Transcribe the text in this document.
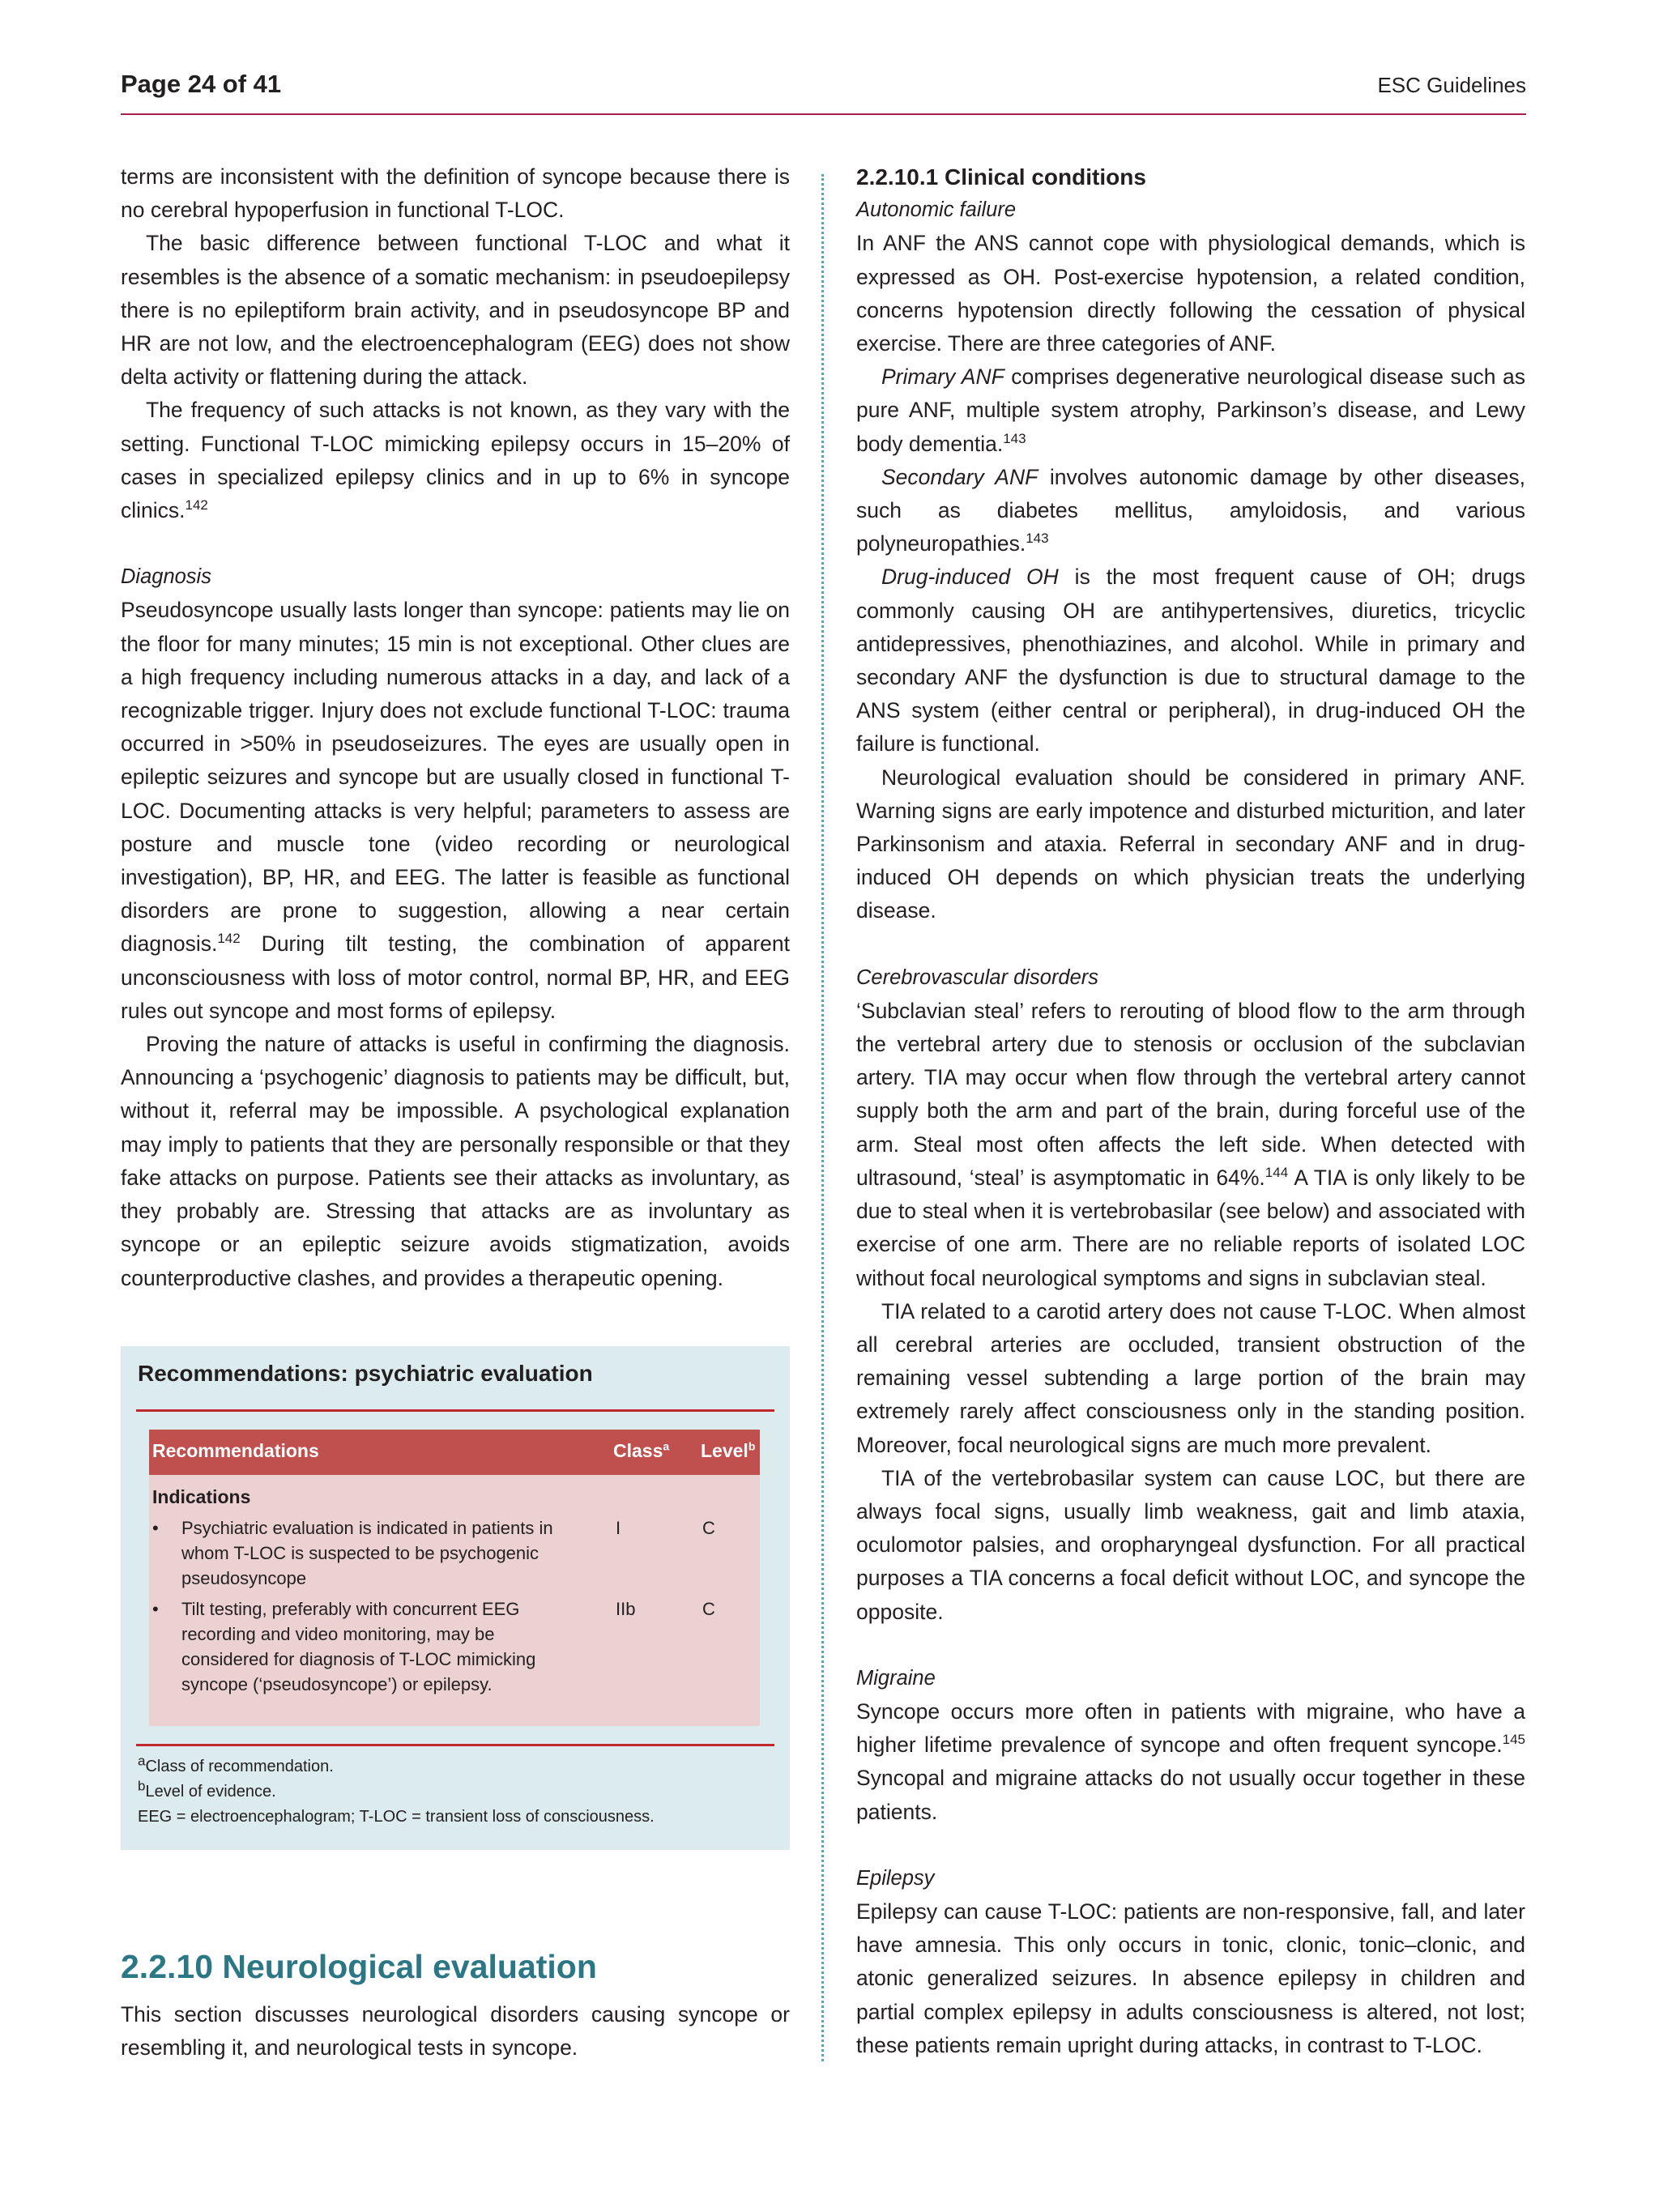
Page 24 of 41	ESC Guidelines

terms are inconsistent with the definition of syncope because there is no cerebral hypoperfusion in functional T-LOC.

The basic difference between functional T-LOC and what it resembles is the absence of a somatic mechanism: in pseudoepilepsy there is no epileptiform brain activity, and in pseudosyncope BP and HR are not low, and the electroencephalogram (EEG) does not show delta activity or flattening during the attack.

The frequency of such attacks is not known, as they vary with the setting. Functional T-LOC mimicking epilepsy occurs in 15–20% of cases in specialized epilepsy clinics and in up to 6% in syncope clinics.$^{142}$

Diagnosis

Pseudosyncope usually lasts longer than syncope: patients may lie on the floor for many minutes; 15 min is not exceptional. Other clues are a high frequency including numerous attacks in a day, and lack of a recognizable trigger. Injury does not exclude functional T-LOC: trauma occurred in >50% in pseudoseizures. The eyes are usually open in epileptic seizures and syncope but are usually closed in functional T-LOC. Documenting attacks is very helpful; parameters to assess are posture and muscle tone (video recording or neurological investigation), BP, HR, and EEG. The latter is feasible as functional disorders are prone to suggestion, allowing a near certain diagnosis.$^{142}$ During tilt testing, the combination of apparent unconsciousness with loss of motor control, normal BP, HR, and EEG rules out syncope and most forms of epilepsy.

Proving the nature of attacks is useful in confirming the diagnosis. Announcing a ‘psychogenic’ diagnosis to patients may be difficult, but, without it, referral may be impossible. A psychological explanation may imply to patients that they are personally responsible or that they fake attacks on purpose. Patients see their attacks as involuntary, as they probably are. Stressing that attacks are as involuntary as syncope or an epileptic seizure avoids stigmatization, avoids counterproductive clashes, and provides a therapeutic opening.

Recommendations: psychiatric evaluation
Recommendations	Class$^a$ Level$^b$
Indications
• Psychiatric evaluation is indicated in patients in whom T-LOC is suspected to be psychogenic pseudosyncope
I	C
• Tilt testing, preferably with concurrent EEG recording and video monitoring, may be considered for diagnosis of T-LOC mimicking syncope (‘pseudosyncope’) or epilepsy.
IIb	C
$^a$Class of recommendation.
$^b$Level of evidence.
EEG = electroencephalogram; T-LOC = transient loss of consciousness.
2.2.10 Neurological evaluation
This section discusses neurological disorders causing syncope or resembling it, and neurological tests in syncope.
2.2.10.1 Clinical conditions
Autonomic failure

In ANF the ANS cannot cope with physiological demands, which is expressed as OH. Post-exercise hypotension, a related condition, concerns hypotension directly following the cessation of physical exercise. There are three categories of ANF.

Primary ANF comprises degenerative neurological disease such as pure ANF, multiple system atrophy, Parkinson’s disease, and Lewy body dementia.$^{143}$

Secondary ANF involves autonomic damage by other diseases, such as diabetes mellitus, amyloidosis, and various polyneuropathies.$^{143}$

Drug-induced OH is the most frequent cause of OH; drugs commonly causing OH are antihypertensives, diuretics, tricyclic antidepressives, phenothiazines, and alcohol. While in primary and secondary ANF the dysfunction is due to structural damage to the ANS system (either central or peripheral), in drug-induced OH the failure is functional.

Neurological evaluation should be considered in primary ANF. Warning signs are early impotence and disturbed micturition, and later Parkinsonism and ataxia. Referral in secondary ANF and in drug-induced OH depends on which physician treats the underlying disease.

Cerebrovascular disorders

‘Subclavian steal’ refers to rerouting of blood flow to the arm through the vertebral artery due to stenosis or occlusion of the subclavian artery. TIA may occur when flow through the vertebral artery cannot supply both the arm and part of the brain, during forceful use of the arm. Steal most often affects the left side. When detected with ultrasound, ‘steal’ is asymptomatic in 64%.$^{144}$ A TIA is only likely to be due to steal when it is vertebrobasilar (see below) and associated with exercise of one arm. There are no reliable reports of isolated LOC without focal neurological symptoms and signs in subclavian steal.

TIA related to a carotid artery does not cause T-LOC. When almost all cerebral arteries are occluded, transient obstruction of the remaining vessel subtending a large portion of the brain may extremely rarely affect consciousness only in the standing position. Moreover, focal neurological signs are much more prevalent.

TIA of the vertebrobasilar system can cause LOC, but there are always focal signs, usually limb weakness, gait and limb ataxia, oculomotor palsies, and oropharyngeal dysfunction. For all practical purposes a TIA concerns a focal deficit without LOC, and syncope the opposite.

Migraine

Syncope occurs more often in patients with migraine, who have a higher lifetime prevalence of syncope and often frequent syncope.$^{145}$ Syncopal and migraine attacks do not usually occur together in these patients.

Epilepsy

Epilepsy can cause T-LOC: patients are non-responsive, fall, and later have amnesia. This only occurs in tonic, clonic, tonic–clonic, and atonic generalized seizures. In absence epilepsy in children and partial complex epilepsy in adults consciousness is altered, not lost; these patients remain upright during attacks, in contrast to T-LOC.
